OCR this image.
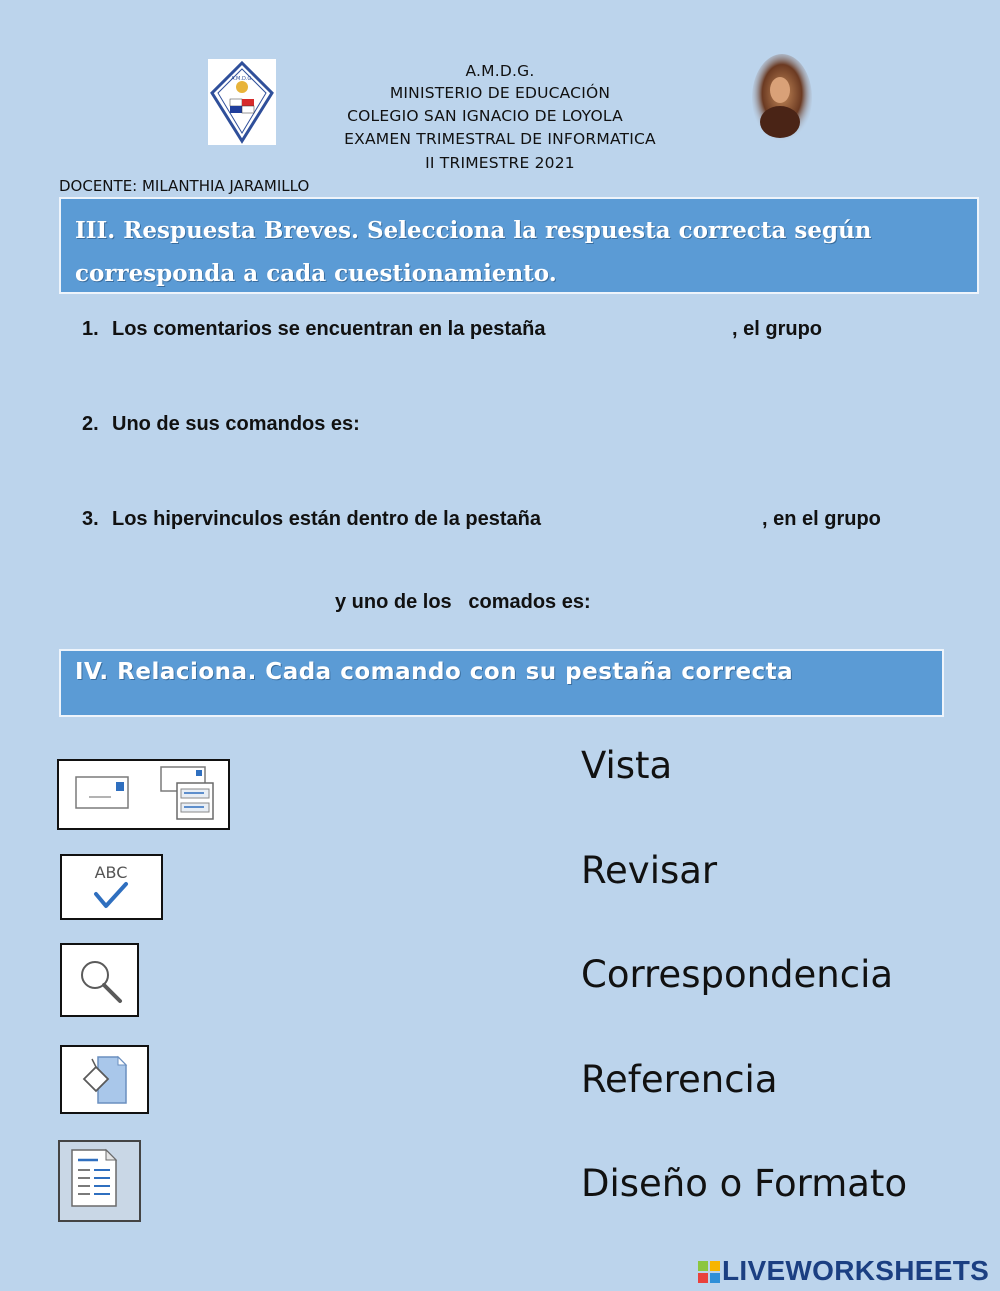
A.M.D.G.	A.M.D.G.
MINISTERIO DE EDUCACIÓN
COLEGIO SAN IGNACIO DE LOYOLA
EXAMEN TRIMESTRAL DE INFORMATICA
II TRIMESTRE 2021
DOCENTE: MILANTHIA JARAMILLO
III. Respuesta Breves. Selecciona la respuesta correcta según
corresponda a cada cuestionamiento.
1. Los comentarios se encuentran en la pestaña	, el grupo
2. Uno de sus comandos es:
3. Los hipervinculos están dentro de la pestaña	, en el grupo
y uno de los   comados es:
IV. Relaciona. Cada comando con su pestaña correcta
ABC
Vista
Revisar
Correspondencia
Referencia
Diseño o Formato
LIVEWORKSHEETS
